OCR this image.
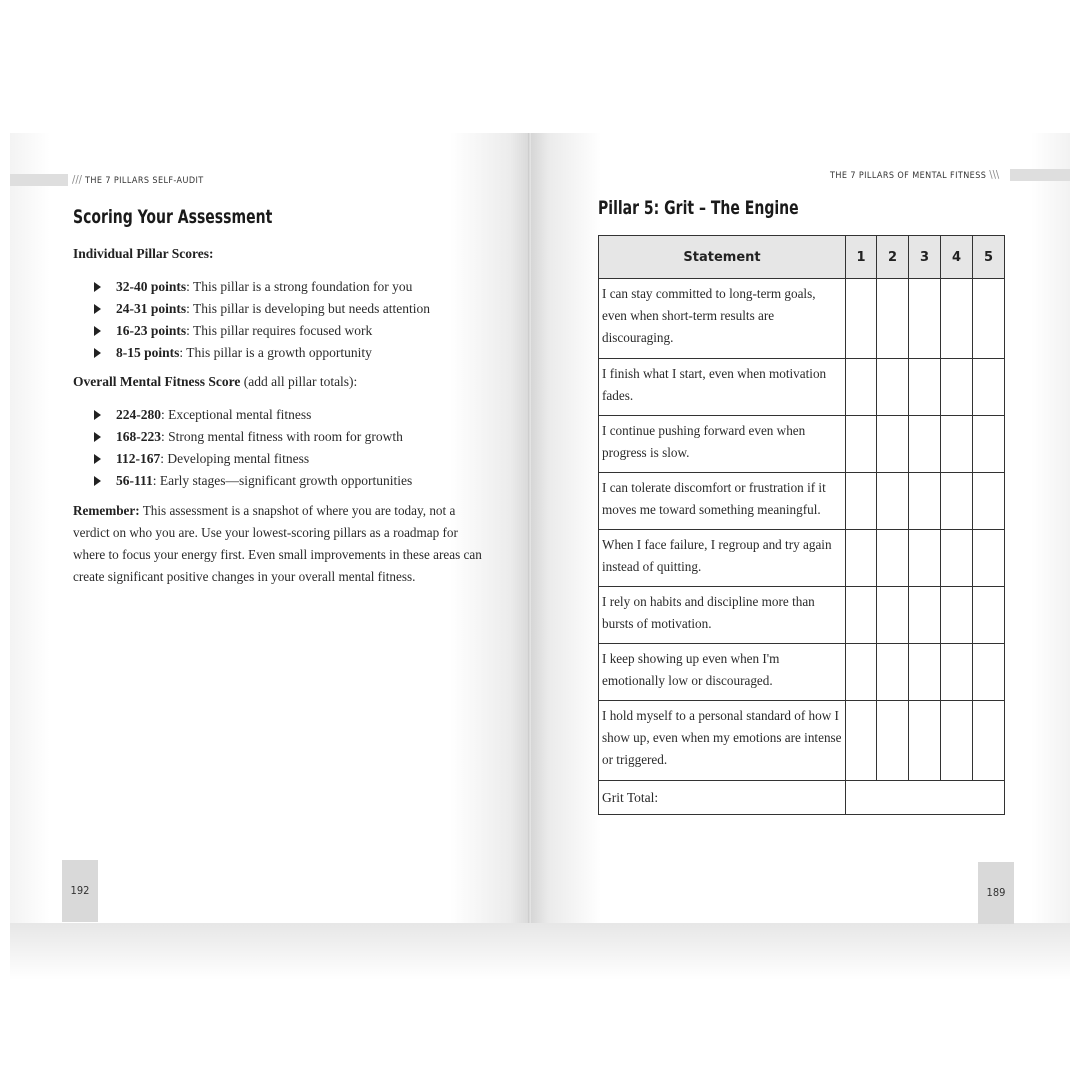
/// THE 7 PILLARS SELF-AUDIT
Scoring Your Assessment
Individual Pillar Scores:
32-40 points: This pillar is a strong foundation for you
24-31 points: This pillar is developing but needs attention
16-23 points: This pillar requires focused work
8-15 points: This pillar is a growth opportunity
Overall Mental Fitness Score (add all pillar totals):
224-280: Exceptional mental fitness
168-223: Strong mental fitness with room for growth
112-167: Developing mental fitness
56-111: Early stages—significant growth opportunities
Remember: This assessment is a snapshot of where you are today, not a verdict on who you are. Use your lowest-scoring pillars as a roadmap for where to focus your energy first. Even small improvements in these areas can create significant positive changes in your overall mental fitness.
192
THE 7 PILLARS OF MENTAL FITNESS \\\
Pillar 5: Grit – The Engine
Statement	1	2	3	4	5
I can stay committed to long-term goals, even when short-term results are discouraging.					
I finish what I start, even when motivation fades.					
I continue pushing forward even when progress is slow.					
I can tolerate discomfort or frustration if it moves me toward something meaningful.					
When I face failure, I regroup and try again instead of quitting.					
I rely on habits and discipline more than bursts of motivation.					
I keep showing up even when I'm emotionally low or discouraged.					
I hold myself to a personal standard of how I show up, even when my emotions are intense or triggered.					
Grit Total:					
189
